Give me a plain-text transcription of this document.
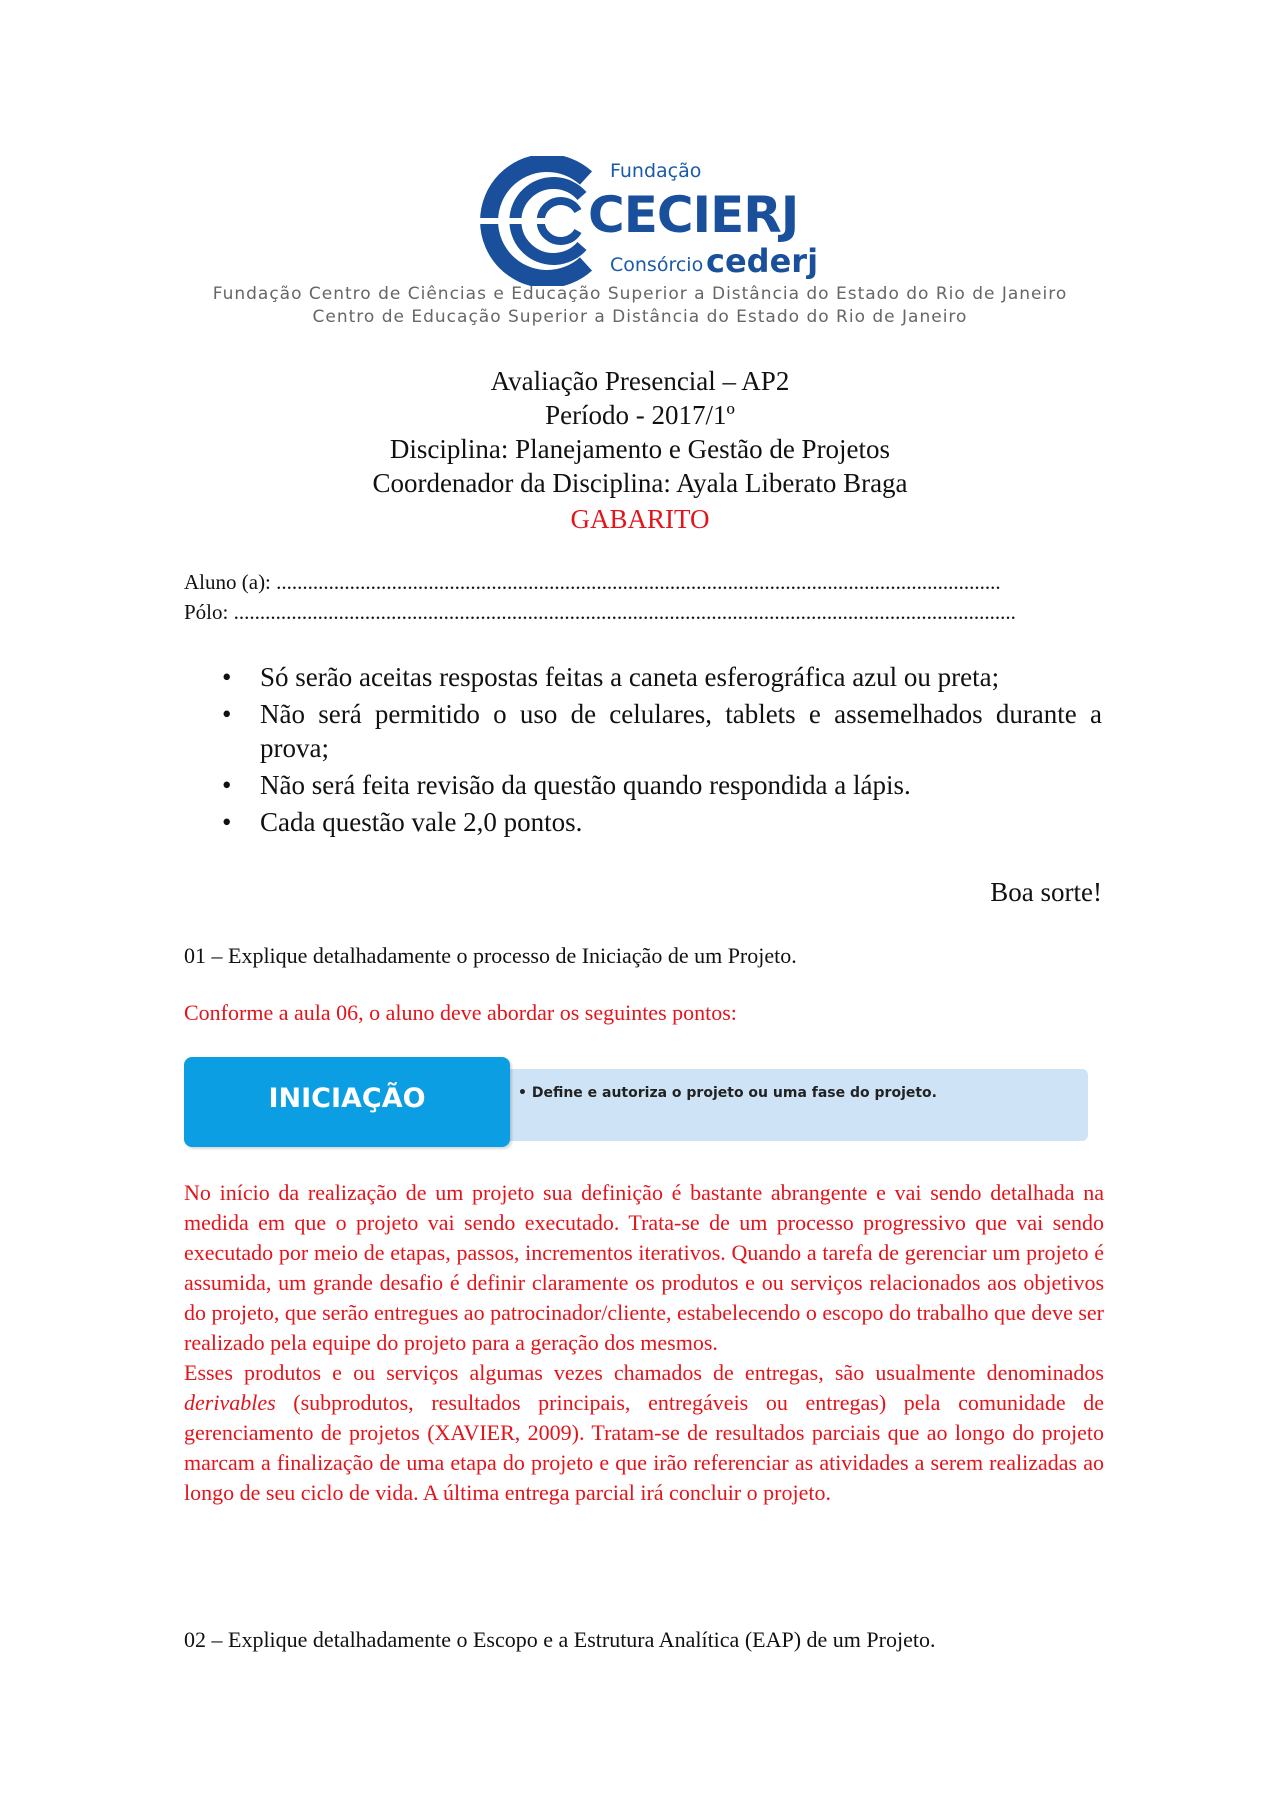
Fundação
CECIERJ
Consórcio cederj
Fundação Centro de Ciências e Educação Superior a Distância do Estado do Rio de Janeiro
Centro de Educação Superior a Distância do Estado do Rio de Janeiro
Avaliação Presencial – AP2
Período - 2017/1º
Disciplina: Planejamento e Gestão de Projetos
Coordenador da Disciplina: Ayala Liberato Braga
GABARITO
Aluno (a): ..........................................................................................................................................
Pólo: .....................................................................................................................................................
• Só serão aceitas respostas feitas a caneta esferográfica azul ou preta;
• Não será permitido o uso de celulares, tablets e assemelhados durante a prova;
• Não será feita revisão da questão quando respondida a lápis.
• Cada questão vale 2,0 pontos.
Boa sorte!
01 – Explique detalhadamente o processo de Iniciação de um Projeto.
Conforme a aula 06, o aluno deve abordar os seguintes pontos:
INICIAÇÃO	• Define e autoriza o projeto ou uma fase do projeto.

No início da realização de um projeto sua definição é bastante abrangente e vai sendo detalhada na medida em que o projeto vai sendo executado. Trata-se de um processo progressivo que vai sendo executado por meio de etapas, passos, incrementos iterativos. Quando a tarefa de gerenciar um projeto é assumida, um grande desafio é definir claramente os produtos e ou serviços relacionados aos objetivos do projeto, que serão entregues ao patrocinador/cliente, estabelecendo o escopo do trabalho que deve ser realizado pela equipe do projeto para a geração dos mesmos.

Esses produtos e ou serviços algumas vezes chamados de entregas, são usualmente denominados derivables (subprodutos, resultados principais, entregáveis ou entregas) pela comunidade de gerenciamento de projetos (XAVIER, 2009). Tratam-se de resultados parciais que ao longo do projeto marcam a finalização de uma etapa do projeto e que irão referenciar as atividades a serem realizadas ao longo de seu ciclo de vida. A última entrega parcial irá concluir o projeto.

02 – Explique detalhadamente o Escopo e a Estrutura Analítica (EAP) de um Projeto.
